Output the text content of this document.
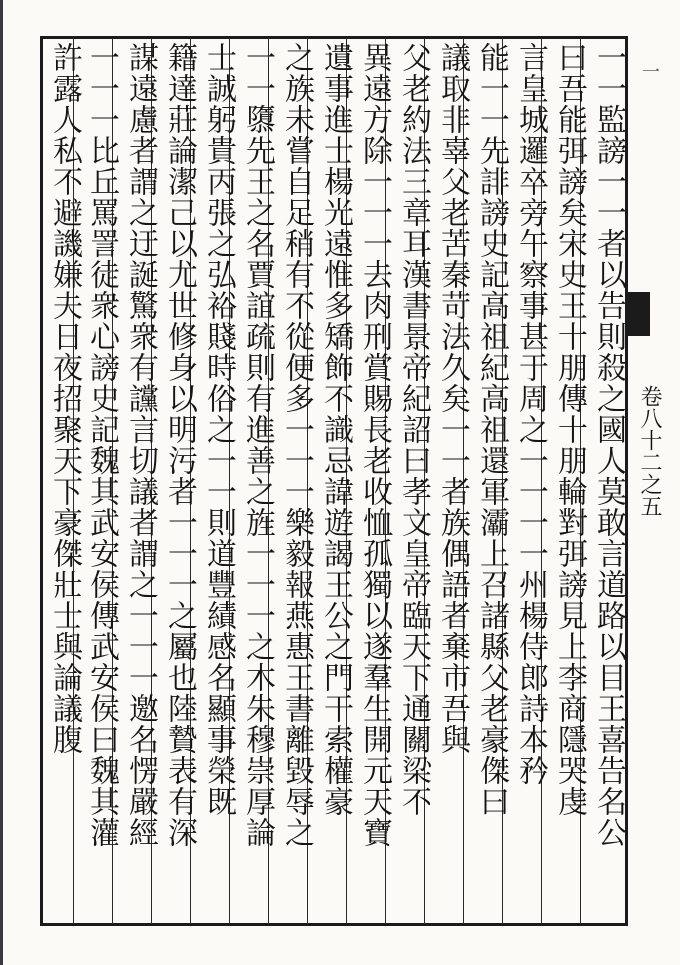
一
卷八十二之五
一一監謗一一者以告則殺之國人莫敢言道路以目王喜告名公
曰吾能弭謗矣宋史王十朋傳十朋輪對弭謗見上李商隱哭虔
言皇城邏卒旁午察事甚于周之一一一一州楊侍郎詩本矜
能一一先誹謗史記高祖紀高祖還軍灞上召諸縣父老豪傑曰
議取非辜父老苦秦苛法久矣一一者族偶語者棄市吾與
父老約法三章耳漢書景帝紀詔曰孝文皇帝臨天下通關梁不
異遠方除一一一去肉刑賞賜長老收恤孤獨以遂羣生開元天寶
遺事進士楊光遠惟多矯飾不識忌諱遊謁王公之門干索權豪
之族未嘗自足稍有不從便多一一一樂毅報燕惠王書離毀辱之
一一隳先王之名賈誼疏則有進善之旌一一一之木朱穆崇厚論
士誠躬貴丙張之弘裕賤時俗之一一則道豐績感名顯事榮既
籍達莊論潔己以尤世修身以明污者一一一之屬也陸贄表有深
謀遠慮者謂之迂誕驚衆有讜言切議者謂之一一一邀名愣嚴經
一一一比丘罵詈徒衆心謗史記魏其武安侯傳武安侯曰魏其灌
許露人私不避譏嫌夫日夜招聚天下豪傑壯士與論議腹
